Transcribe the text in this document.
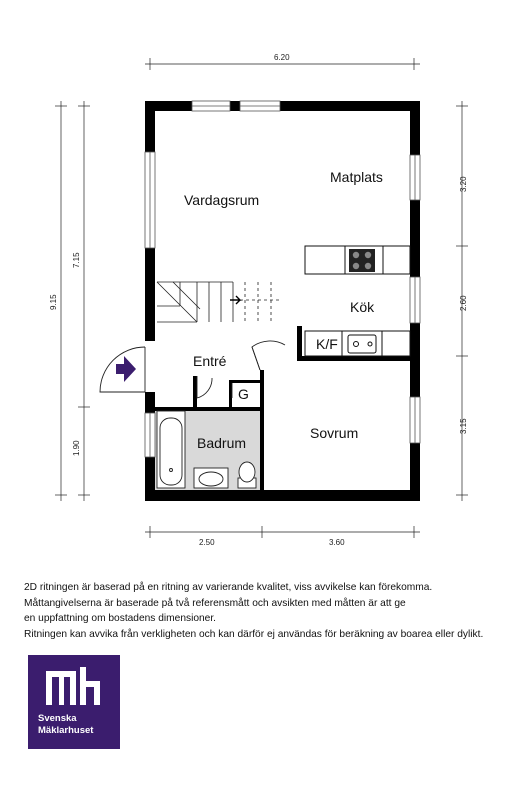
Vardagsrum
Matplats
Kök
K/F
Entré
G
Badrum
Sovrum
6.20
2.50	3.60
9.15
7.15
1.90
3.20
2.60
3.15

2D ritningen är baserad på en ritning av varierande kvalitet, viss avvikelse kan förekomma.

Måttangivelserna är baserade på två referensmått och avsikten med måtten är att ge

en uppfattning om bostadens dimensioner.

Ritningen kan avvika från verkligheten och kan därför ej användas för beräkning av boarea eller dylikt.

Svenska
Mäklarhuset
